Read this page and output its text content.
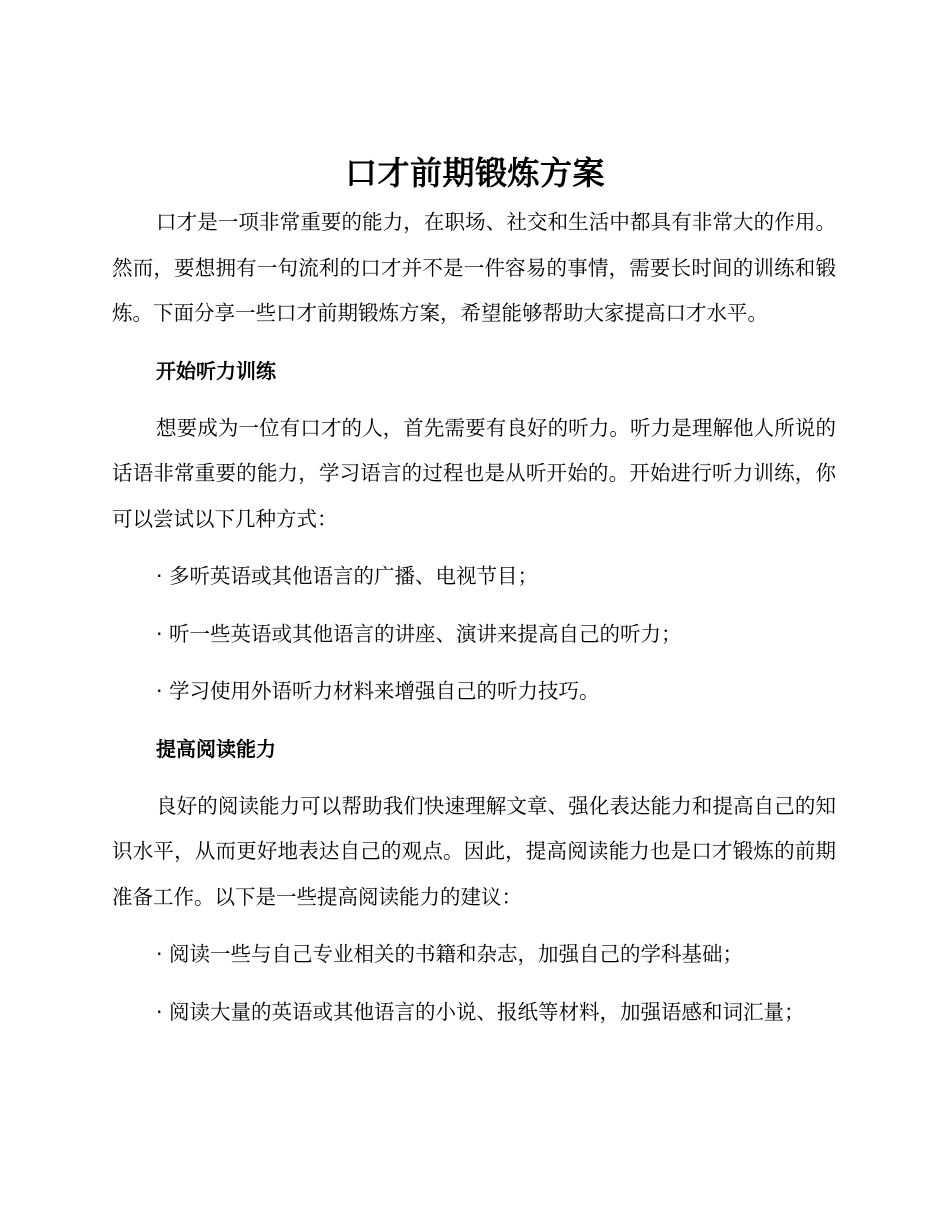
口才前期锻炼方案

口才是一项非常重要的能力，在职场、社交和生活中都具有非常大的作用。然而，要想拥有一句流利的口才并不是一件容易的事情，需要长时间的训练和锻炼。下面分享一些口才前期锻炼方案，希望能够帮助大家提高口才水平。

开始听力训练

想要成为一位有口才的人，首先需要有良好的听力。听力是理解他人所说的话语非常重要的能力，学习语言的过程也是从听开始的。开始进行听力训练，你可以尝试以下几种方式：

· 多听英语或其他语言的广播、电视节目；

· 听一些英语或其他语言的讲座、演讲来提高自己的听力；

· 学习使用外语听力材料来增强自己的听力技巧。

提高阅读能力

良好的阅读能力可以帮助我们快速理解文章、强化表达能力和提高自己的知识水平，从而更好地表达自己的观点。因此，提高阅读能力也是口才锻炼的前期准备工作。以下是一些提高阅读能力的建议：

· 阅读一些与自己专业相关的书籍和杂志，加强自己的学科基础；

· 阅读大量的英语或其他语言的小说、报纸等材料，加强语感和词汇量；
